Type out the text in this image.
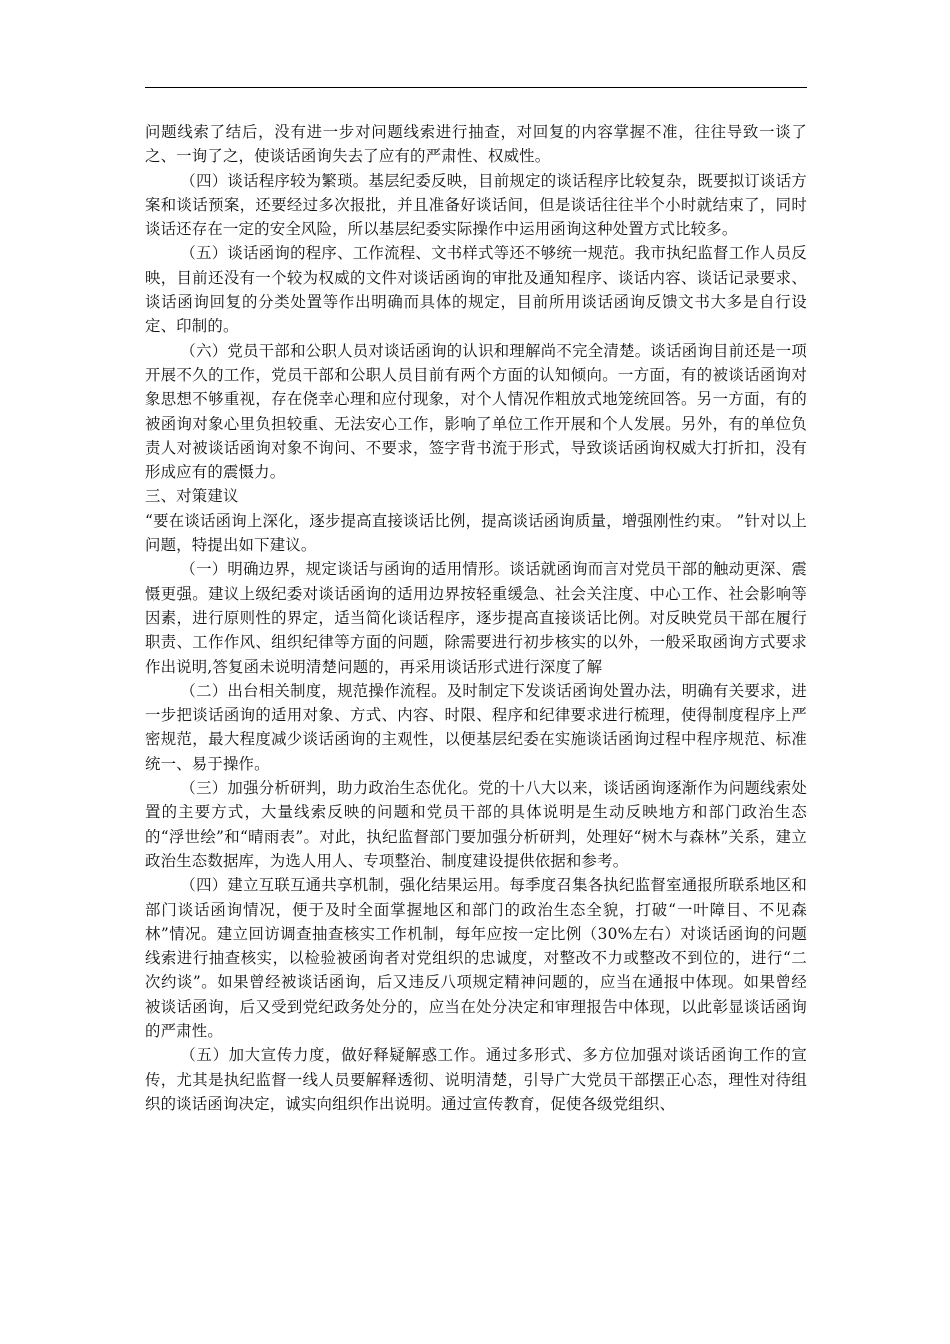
问题线索了结后，没有进一步对问题线索进行抽查，对回复的内容掌握不准，往往导致一谈了之、一询了之，使谈话函询失去了应有的严肃性、权威性。

（四）谈话程序较为繁琐。基层纪委反映，目前规定的谈话程序比较复杂，既要拟订谈话方案和谈话预案，还要经过多次报批，并且准备好谈话间，但是谈话往往半个小时就结束了，同时谈话还存在一定的安全风险，所以基层纪委实际操作中运用函询这种处置方式比较多。

（五）谈话函询的程序、工作流程、文书样式等还不够统一规范。我市执纪监督工作人员反映，目前还没有一个较为权威的文件对谈话函询的审批及通知程序、谈话内容、谈话记录要求、谈话函询回复的分类处置等作出明确而具体的规定，目前所用谈话函询反馈文书大多是自行设定、印制的。

（六）党员干部和公职人员对谈话函询的认识和理解尚不完全清楚。谈话函询目前还是一项开展不久的工作，党员干部和公职人员目前有两个方面的认知倾向。一方面，有的被谈话函询对象思想不够重视，存在侥幸心理和应付现象，对个人情况作粗放式地笼统回答。另一方面，有的被函询对象心里负担较重、无法安心工作，影响了单位工作开展和个人发展。另外，有的单位负责人对被谈话函询对象不询问、不要求，签字背书流于形式，导致谈话函询权威大打折扣，没有形成应有的震慑力。

三、对策建议

“要在谈话函询上深化，逐步提高直接谈话比例，提高谈话函询质量，增强刚性约束。 ”针对以上问题，特提出如下建议。

（一）明确边界，规定谈话与函询的适用情形。谈话就函询而言对党员干部的触动更深、震慑更强。建议上级纪委对谈话函询的适用边界按轻重缓急、社会关注度、中心工作、社会影响等因素，进行原则性的界定，适当简化谈话程序，逐步提高直接谈话比例。对反映党员干部在履行职责、工作作风、组织纪律等方面的问题，除需要进行初步核实的以外，一般采取函询方式要求作出说明,答复函未说明清楚问题的，再采用谈话形式进行深度了解

（二）出台相关制度，规范操作流程。及时制定下发谈话函询处置办法，明确有关要求，进一步把谈话函询的适用对象、方式、内容、时限、程序和纪律要求进行梳理，使得制度程序上严密规范，最大程度减少谈话函询的主观性，以便基层纪委在实施谈话函询过程中程序规范、标准统一、易于操作。

（三）加强分析研判，助力政治生态优化。党的十八大以来，谈话函询逐渐作为问题线索处置的主要方式，大量线索反映的问题和党员干部的具体说明是生动反映地方和部门政治生态的“浮世绘”和“晴雨表”。对此，执纪监督部门要加强分析研判，处理好“树木与森林”关系，建立政治生态数据库，为选人用人、专项整治、制度建设提供依据和参考。

（四）建立互联互通共享机制，强化结果运用。每季度召集各执纪监督室通报所联系地区和部门谈话函询情况，便于及时全面掌握地区和部门的政治生态全貌，打破“一叶障目、不见森林”情况。建立回访调查抽查核实工作机制，每年应按一定比例（30%左右）对谈话函询的问题线索进行抽查核实，以检验被函询者对党组织的忠诚度，对整改不力或整改不到位的，进行“二次约谈”。如果曾经被谈话函询，后又违反八项规定精神问题的，应当在通报中体现。如果曾经被谈话函询，后又受到党纪政务处分的，应当在处分决定和审理报告中体现，以此彰显谈话函询的严肃性。

（五）加大宣传力度，做好释疑解惑工作。通过多形式、多方位加强对谈话函询工作的宣传，尤其是执纪监督一线人员要解释透彻、说明清楚，引导广大党员干部摆正心态，理性对待组织的谈话函询决定，诚实向组织作出说明。通过宣传教育，促使各级党组织、
